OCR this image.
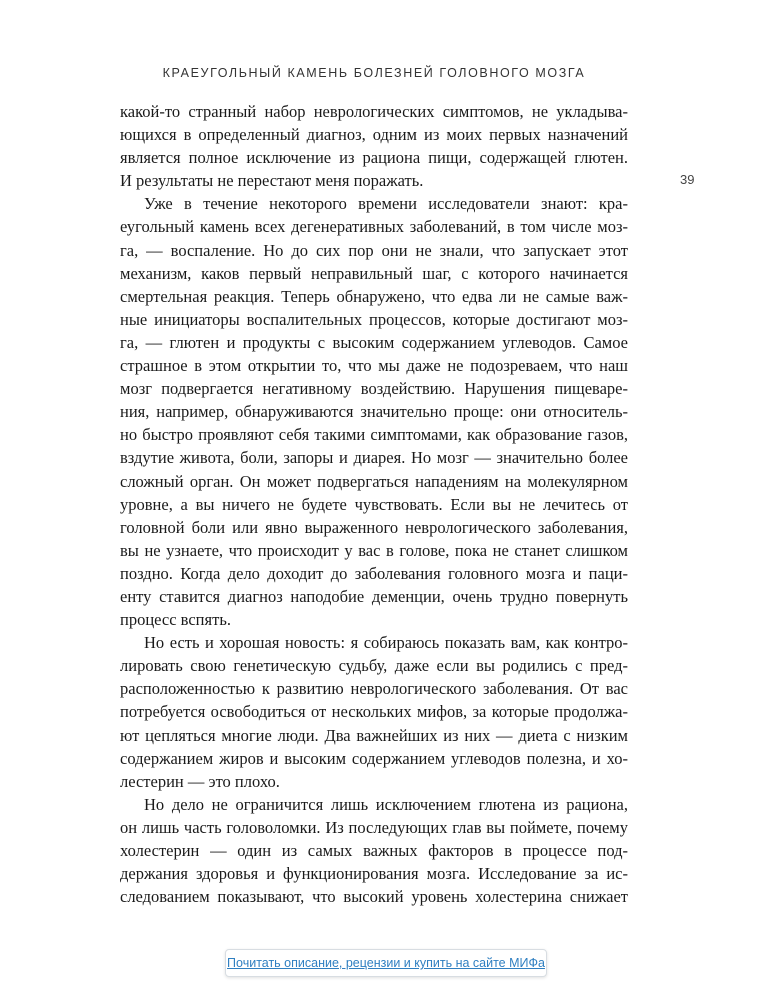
КРАЕУГОЛЬНЫЙ КАМЕНЬ БОЛЕЗНЕЙ ГОЛОВНОГО МОЗГА
39

какой-то странный набор неврологических симптомов, не укладыва-
ющихся в определенный диагноз, одним из моих первых назначений
является полное исключение из рациона пищи, содержащей глютен.
И результаты не перестают меня поражать.

Уже в течение некоторого времени исследователи знают: кра-
еугольный камень всех дегенеративных заболеваний, в том числе моз-
га, — воспаление. Но до сих пор они не знали, что запускает этот
механизм, каков первый неправильный шаг, с которого начинается
смертельная реакция. Теперь обнаружено, что едва ли не самые важ-
ные инициаторы воспалительных процессов, которые достигают моз-
га, — глютен и продукты с высоким содержанием углеводов. Самое
страшное в этом открытии то, что мы даже не подозреваем, что наш
мозг подвергается негативному воздействию. Нарушения пищеваре-
ния, например, обнаруживаются значительно проще: они относитель-
но быстро проявляют себя такими симптомами, как образование газов,
вздутие живота, боли, запоры и диарея. Но мозг — значительно более
сложный орган. Он может подвергаться нападениям на молекулярном
уровне, а вы ничего не будете чувствовать. Если вы не лечитесь от
головной боли или явно выраженного неврологического заболевания,
вы не узнаете, что происходит у вас в голове, пока не станет слишком
поздно. Когда дело доходит до заболевания головного мозга и паци-
енту ставится диагноз наподобие деменции, очень трудно повернуть
процесс вспять.

Но есть и хорошая новость: я собираюсь показать вам, как контро-
лировать свою генетическую судьбу, даже если вы родились с пред-
расположенностью к развитию неврологического заболевания. От вас
потребуется освободиться от нескольких мифов, за которые продолжа-
ют цепляться многие люди. Два важнейших из них — диета с низким
содержанием жиров и высоким содержанием углеводов полезна, и хо-
лестерин — это плохо.

Но дело не ограничится лишь исключением глютена из рациона,
он лишь часть головоломки. Из последующих глав вы поймете, почему
холестерин — один из самых важных факторов в процессе под-
держания здоровья и функционирования мозга. Исследование за ис-
следованием показывают, что высокий уровень холестерина снижает

Почитать описание, рецензии и купить на сайте МИФа
